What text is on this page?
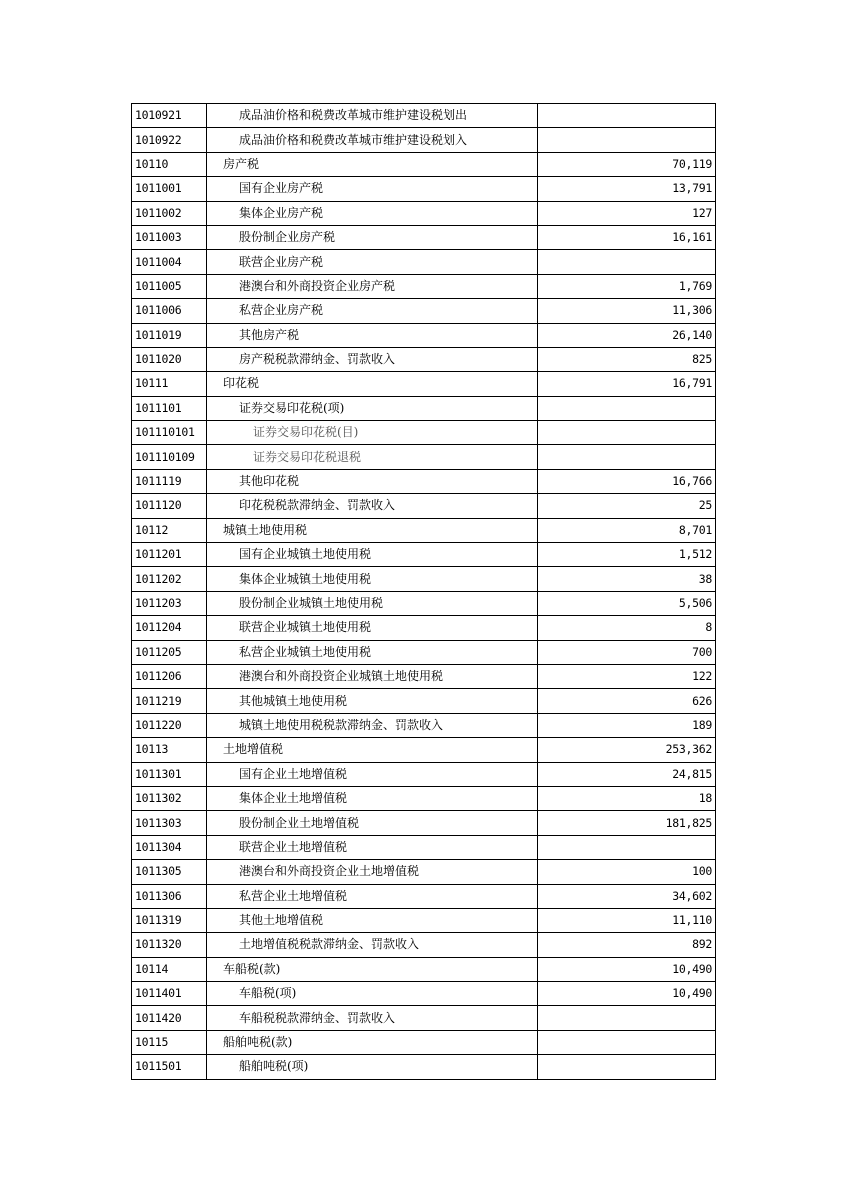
1010921	成品油价格和税费改革城市维护建设税划出	
1010922	成品油价格和税费改革城市维护建设税划入	
10110	房产税	70,119
1011001	国有企业房产税	13,791
1011002	集体企业房产税	127
1011003	股份制企业房产税	16,161
1011004	联营企业房产税	
1011005	港澳台和外商投资企业房产税	1,769
1011006	私营企业房产税	11,306
1011019	其他房产税	26,140
1011020	房产税税款滞纳金、罚款收入	825
10111	印花税	16,791
1011101	证券交易印花税(项)	
101110101	证券交易印花税(目)	
101110109	证券交易印花税退税	
1011119	其他印花税	16,766
1011120	印花税税款滞纳金、罚款收入	25
10112	城镇土地使用税	8,701
1011201	国有企业城镇土地使用税	1,512
1011202	集体企业城镇土地使用税	38
1011203	股份制企业城镇土地使用税	5,506
1011204	联营企业城镇土地使用税	8
1011205	私营企业城镇土地使用税	700
1011206	港澳台和外商投资企业城镇土地使用税	122
1011219	其他城镇土地使用税	626
1011220	城镇土地使用税税款滞纳金、罚款收入	189
10113	土地增值税	253,362
1011301	国有企业土地增值税	24,815
1011302	集体企业土地增值税	18
1011303	股份制企业土地增值税	181,825
1011304	联营企业土地增值税	
1011305	港澳台和外商投资企业土地增值税	100
1011306	私营企业土地增值税	34,602
1011319	其他土地增值税	11,110
1011320	土地增值税税款滞纳金、罚款收入	892
10114	车船税(款)	10,490
1011401	车船税(项)	10,490
1011420	车船税税款滞纳金、罚款收入	
10115	船舶吨税(款)	
1011501	船舶吨税(项)	
